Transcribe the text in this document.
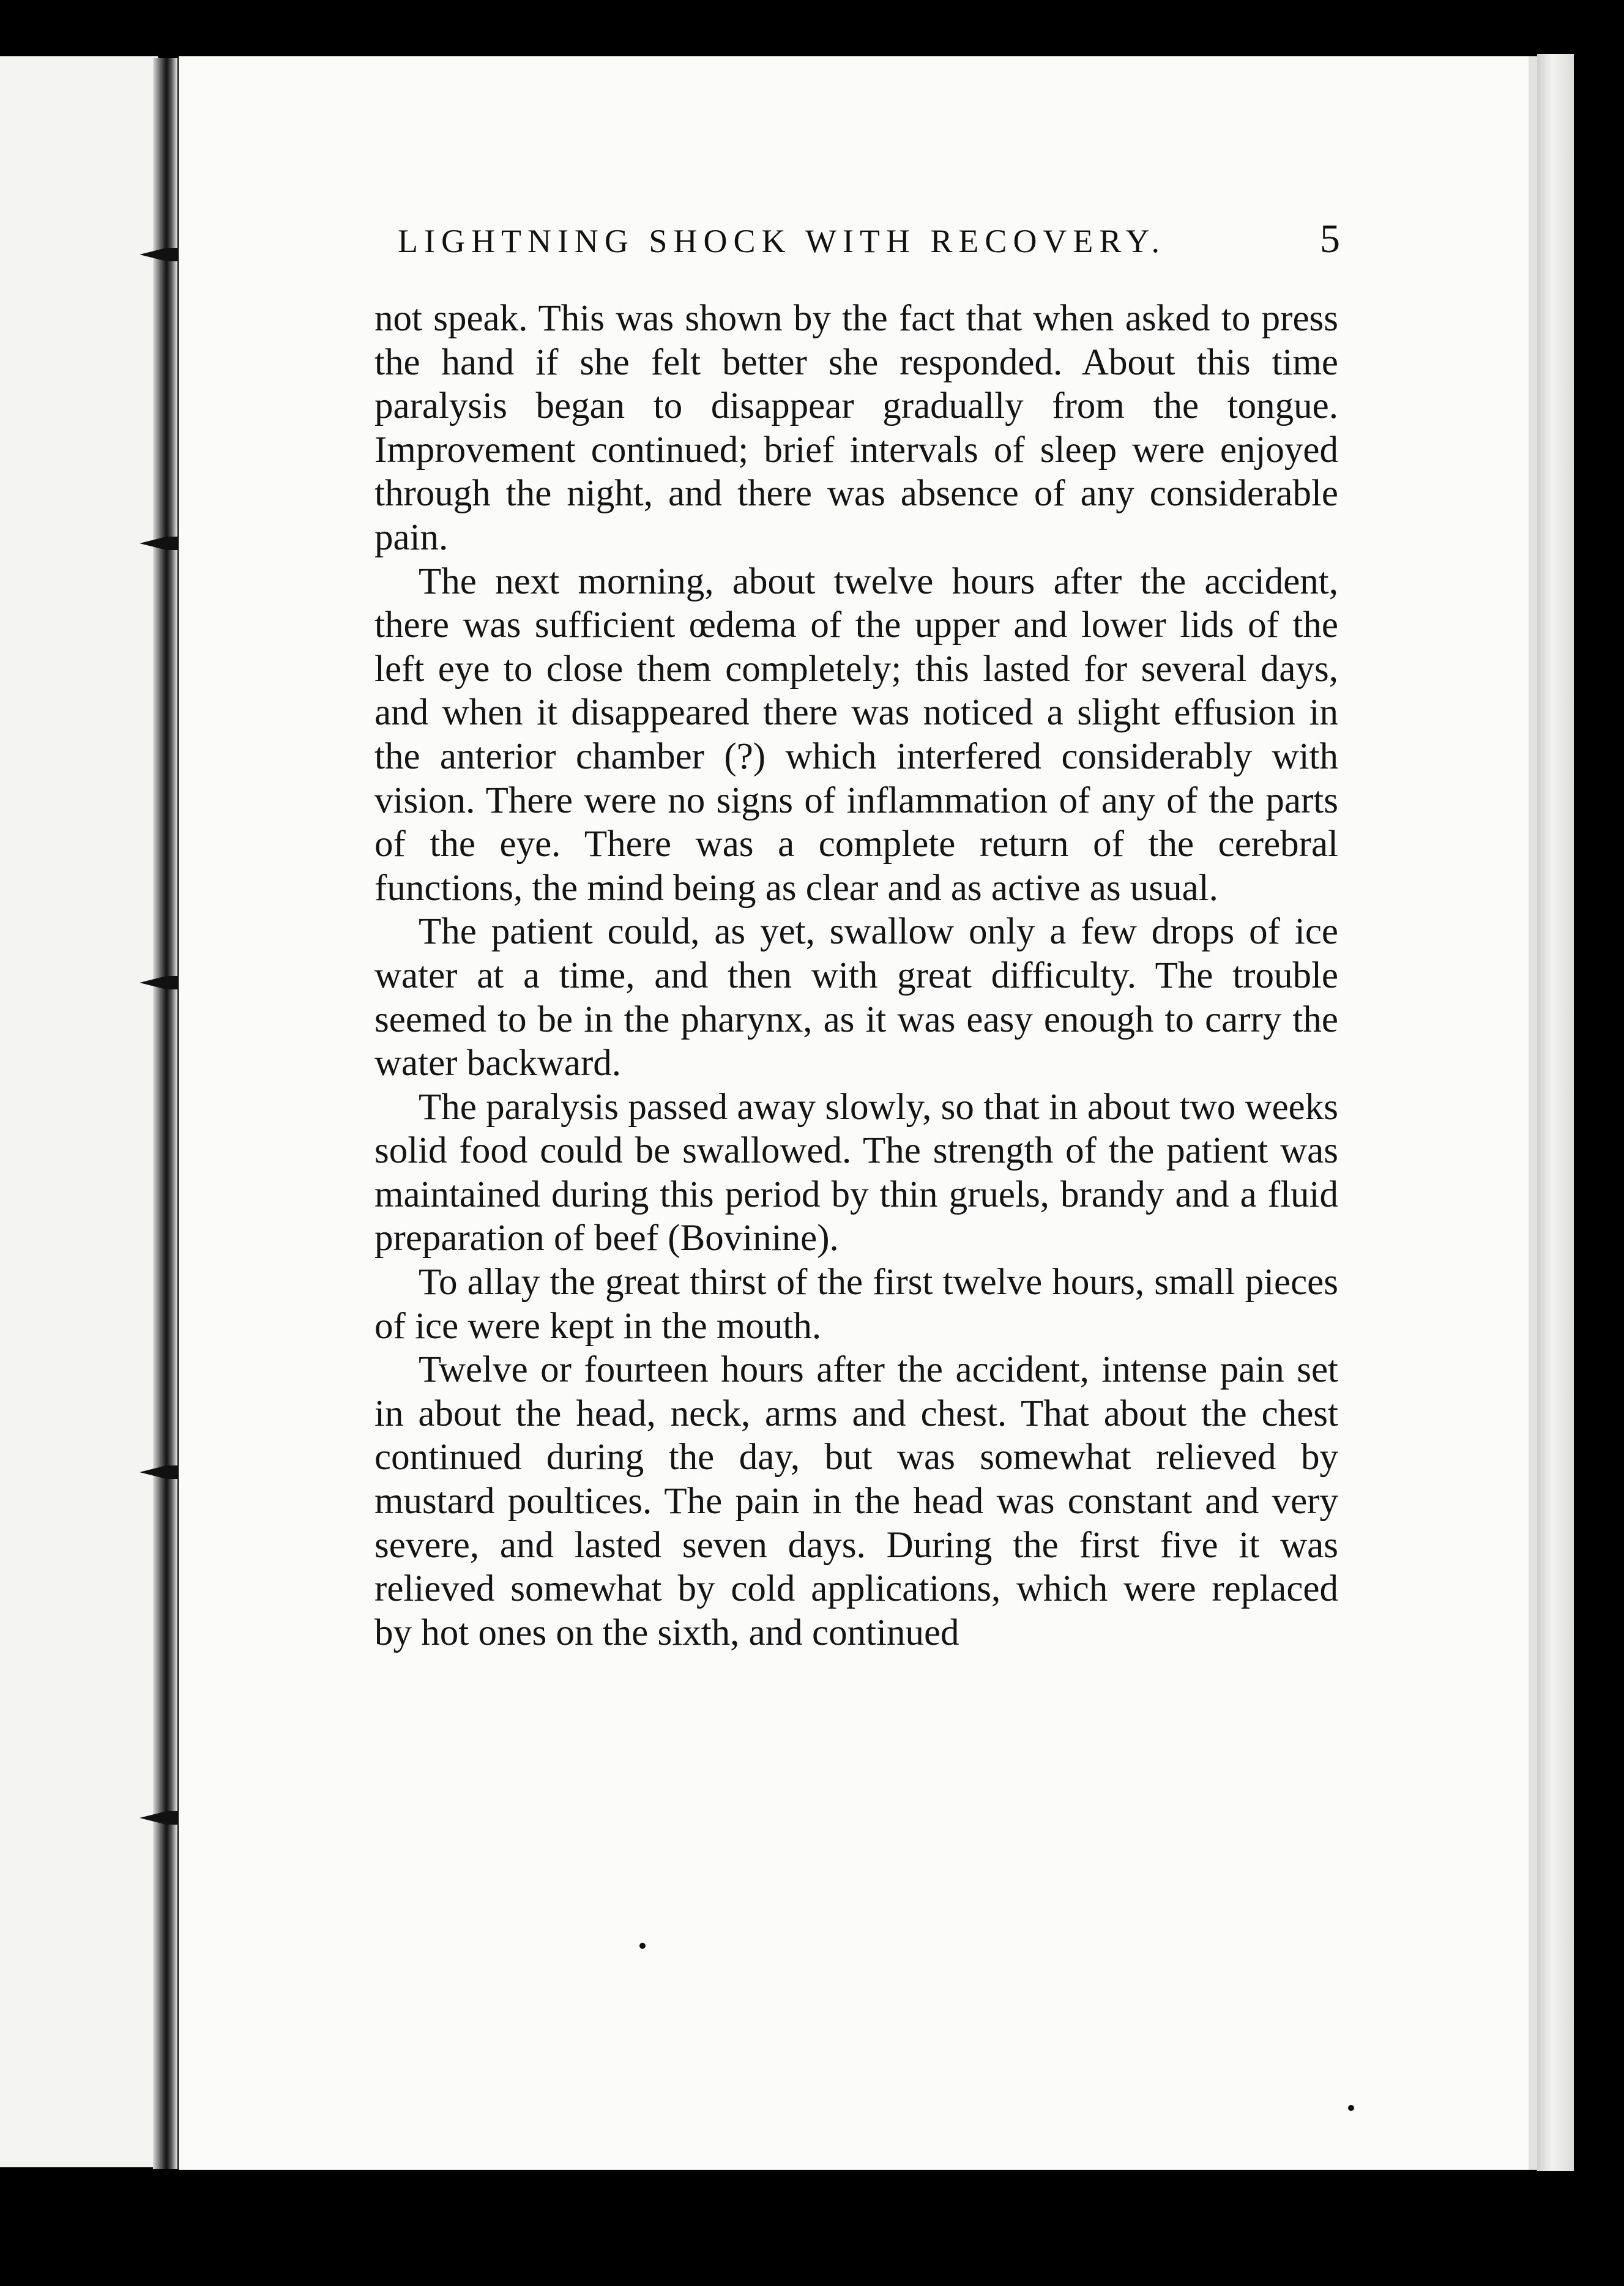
LIGHTNING SHOCK WITH RECOVERY.	5

not speak. This was shown by the fact that when asked to press the hand if she felt better she responded. About this time paralysis began to disappear gradually from the tongue. Improvement continued; brief intervals of sleep were enjoyed through the night, and there was absence of any considerable pain.

The next morning, about twelve hours after the accident, there was sufficient œdema of the upper and lower lids of the left eye to close them completely; this lasted for several days, and when it disappeared there was noticed a slight effusion in the anterior chamber (?) which interfered considerably with vision. There were no signs of inflammation of any of the parts of the eye. There was a complete return of the cerebral functions, the mind being as clear and as active as usual.

The patient could, as yet, swallow only a few drops of ice water at a time, and then with great difficulty. The trouble seemed to be in the pharynx, as it was easy enough to carry the water backward.

The paralysis passed away slowly, so that in about two weeks solid food could be swallowed. The strength of the patient was maintained during this period by thin gruels, brandy and a fluid preparation of beef (Bovinine).

To allay the great thirst of the first twelve hours, small pieces of ice were kept in the mouth.

Twelve or fourteen hours after the accident, intense pain set in about the head, neck, arms and chest. That about the chest continued during the day, but was somewhat relieved by mustard poultices. The pain in the head was constant and very severe, and lasted seven days. During the first five it was relieved somewhat by cold applications, which were replaced by hot ones on the sixth, and continued
